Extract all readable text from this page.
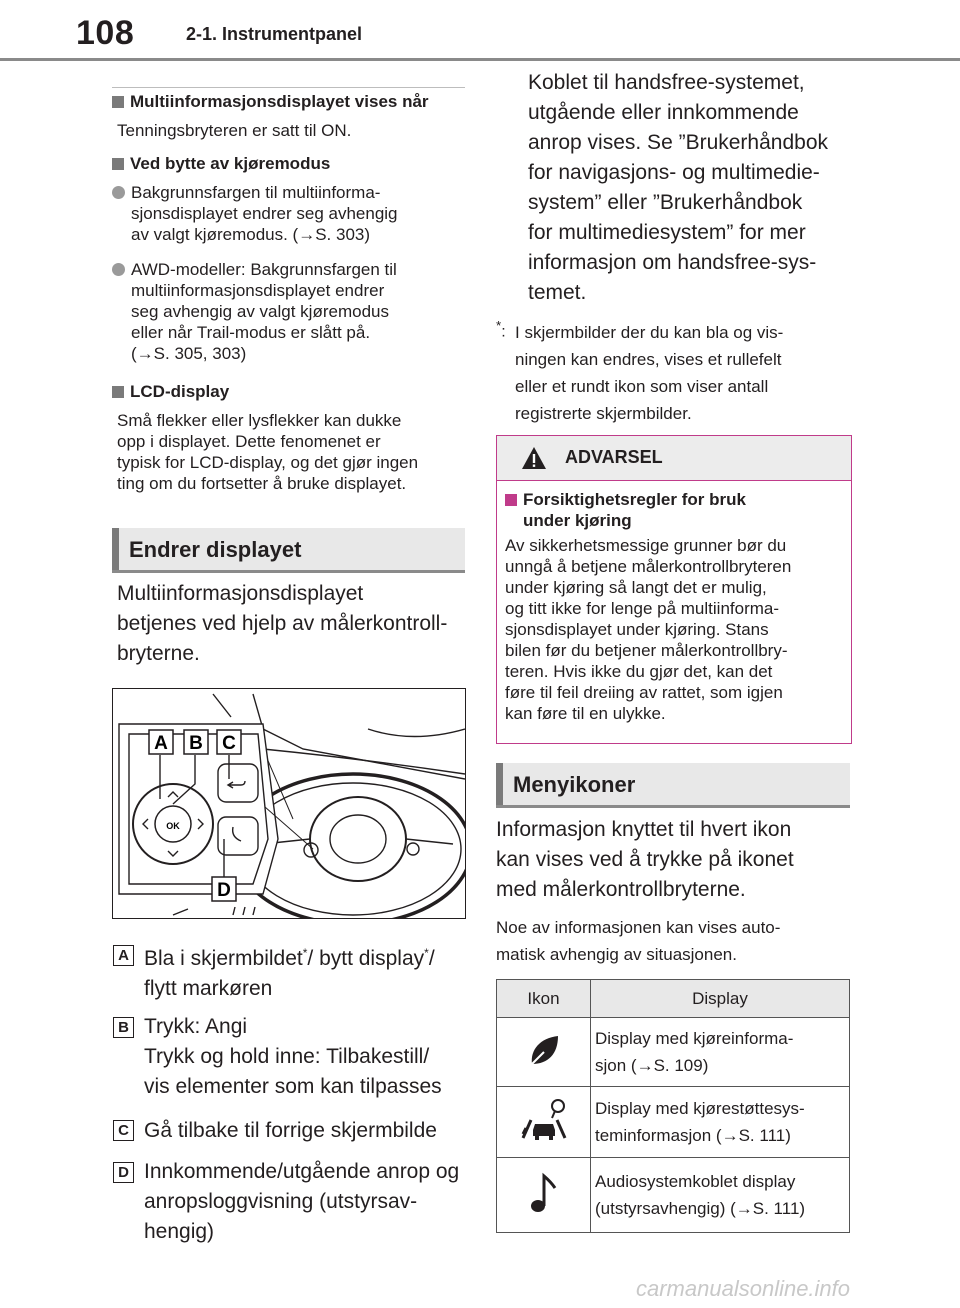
108	2-1. Instrumentpanel
Multiinformasjonsdisplayet vises når
Tenningsbryteren er satt til ON.
Ved bytte av kjøremodus
Bakgrunnsfargen til multiinforma-
sjonsdisplayet endrer seg avhengig
av valgt kjøremodus. (→S. 303)
AWD-modeller: Bakgrunnsfargen til
multiinformasjonsdisplayet endrer
seg avhengig av valgt kjøremodus
eller når Trail-modus er slått på.
(→S. 305, 303)
LCD-display
Små flekker eller lysflekker kan dukke
opp i displayet. Dette fenomenet er
typisk for LCD-display, og det gjør ingen
ting om du fortsetter å bruke displayet.
Endrer displayet
Multiinformasjonsdisplayet
betjenes ved hjelp av målerkontroll-
bryterne.
OK
A B C
D
A Bla i skjermbildet*/ bytt display*/
flytt markøren
B Trykk: Angi
Trykk og hold inne: Tilbakestill/
vis elementer som kan tilpasses
C Gå tilbake til forrige skjermbilde
D Innkommende/utgående anrop og
anropsloggvisning (utstyrsav-
hengig)
Koblet til handsfree-systemet,
utgående eller innkommende
anrop vises. Se ”Brukerhåndbok
for navigasjons- og multimedie-
system” eller ”Brukerhåndbok
for multimediesystem” for mer
informasjon om handsfree-sys-
temet.
*: I skjermbilder der du kan bla og vis-
ningen kan endres, vises et rullefelt
eller et rundt ikon som viser antall
registrerte skjermbilder.
ADVARSEL
Forsiktighetsregler for bruk
under kjøring
Av sikkerhetsmessige grunner bør du
unngå å betjene målerkontrollbryteren
under kjøring så langt det er mulig,
og titt ikke for lenge på multiinforma-
sjonsdisplayet under kjøring. Stans
bilen før du betjener målerkontrollbry-
teren. Hvis ikke du gjør det, kan det
føre til feil dreiing av rattet, som igjen
kan føre til en ulykke.
Menyikoner
Informasjon knyttet til hvert ikon
kan vises ved å trykke på ikonet
med målerkontrollbryterne.
Noe av informasjonen kan vises auto-
matisk avhengig av situasjonen.
Ikon	Display

Display med kjøreinforma-
sjon (→S. 109)

Display med kjørestøttesys-
teminformasjon (→S. 111)

Audiosystemkoblet display
(utstyrsavhengig) (→S. 111)
carmanualsonline.info
